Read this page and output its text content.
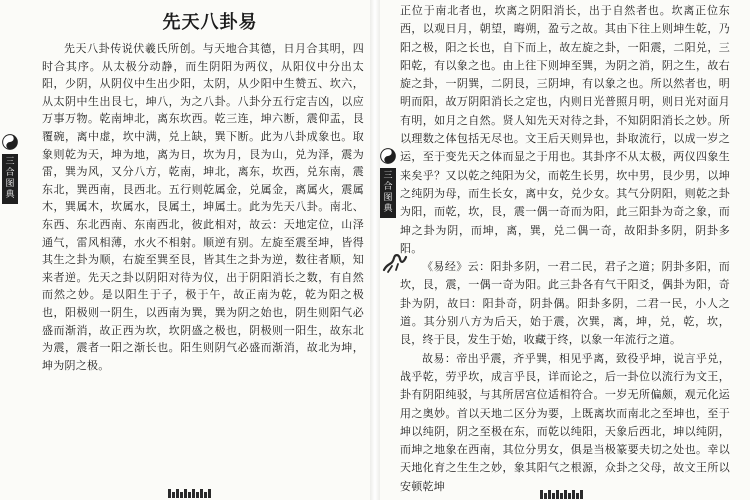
先天八卦易

先天八卦传说伏羲氏所创。与天地合其德，日月合其明，四时合其序。从太极分动静，而生阴阳为两仪，从阳仪中分出太阳，少阴，从阴仪中生出少阳，太阴，从少阳中生赞五、坎六，从太阴中生出艮七，坤八，为之八卦。八卦分五行定吉凶，以应万事万物。乾南坤北，离东坎西。乾三连，坤六断，震仰盂，艮覆碗，离中虚，坎中满，兑上缺，巽下断。此为八卦成象也。取象则乾为天，坤为地，离为日，坎为月，艮为山，兑为泽，震为雷，巽为风，又分八方，乾南，坤北，离东，坎西，兑东南，震东北，巽西南，艮西北。五行则乾属金，兑属金，离属火，震属木，巽属木，坎属水，艮属土，坤属土。此为先天八卦。南北、东西、东北西南、东南西北，彼此相对，故云：天地定位，山泽通气，雷风相薄，水火不相射。顺逆有别。左旋至震至坤，皆得其生之卦为顺，右旋至巽至艮，皆其生之卦为逆，数往者顺，知来者逆。先天之卦以阴阳对待为仪，出于阴阳消长之数，有自然而然之妙。是以阳生于子，极于午，故正南为乾，乾为阳之极也，阳极则一阴生，以西南为巽，巽为阴之始也，阴生则阳气必盛而渐消，故正西为坎，坎阴盛之极也，阴极则一阳生，故东北为震，震者一阳之渐长也。阳生则阴气必盛而渐消，故北为坤，坤为阴之极。

三合图典

正位于南北者也，坎离之阴阳消长，出于自然者也。坎离正位东西，以观日月，朝望，晦朔，盈亏之故。其由下往上则坤生乾，乃阳之极，阳之长也，自下而上，故左旋之卦，一阳震，二阳兑，三阳乾，有以象之也。由上往下则坤至巽，为阴之消，阴之生，故右旋之卦，一阴巽，二阴艮，三阴坤，有以象之也。所以然者也，明明而阳，故万阴阳消长之定也，内则日光普照月明，则日光对面月有明，如月之自然。贤人知先天对待之卦，不知阴阳消长之妙。所以理数之体包括无尽也。文王后天则异也，卦取流行，以成一岁之运，至于变先天之体而显之于用也。其卦序不从太极，两仪四象生来矣乎？又以乾之纯阳为父，而乾生长男，坎中男，艮少男，以坤之纯阴为母，而生长女，离中女，兑少女。其气分阴阳，则乾之卦为阳，而乾，坎，艮，震一偶一奇而为阳，此三阳卦为奇之象，而坤之卦为阴，而坤，离，巽，兑二偶一奇，故阳卦多阴，阴卦多阳。

《易经》云：阳卦多阴，一君二民，君子之道；阴卦多阳，而坎，艮，震，一偶一奇为阳。此三卦各有气干阳爻，偶卦为阳，奇卦为阴，故曰：阳卦奇，阴卦偶。阳卦多阴，二君一民，小人之道。其分别八方为后天，始于震，次巽，离，坤，兑，乾，坎，艮，终于艮，发生于始，收藏于终，以象一年流行之道。

故易：帝出乎震，齐乎巽，相见乎离，致役乎坤，说言乎兑，战乎乾，劳乎坎，成言乎艮，详而论之，后一卦位以流行为文王，卦有阴阳纯驳，与其所居宫位适相符合。一岁无所偏颇，观元化运用之奥妙。首以天地二区分为要，上既离坎而南北之至坤也，至于坤以纯阴，阴之至极在东，而乾以纯阳，天象后西北，坤以纯阴，而坤之地象在西南，其位分男女，俱是当极篆要夫切之处也。幸以天地化育之生生之妙，象其阳气之根源，众卦之父母，故文王所以安顿乾坤

三合图典
